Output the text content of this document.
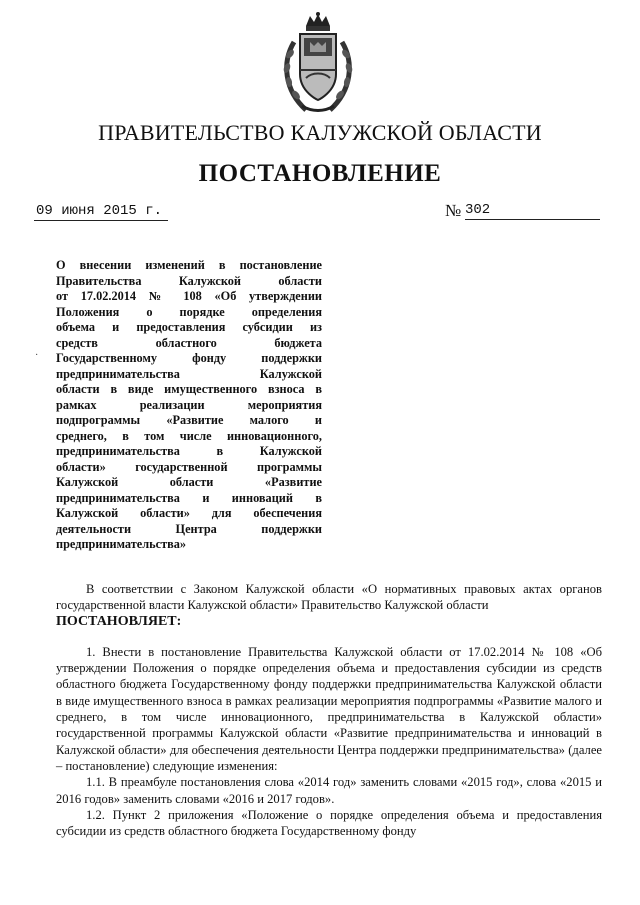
ПРАВИТЕЛЬСТВО КАЛУЖСКОЙ ОБЛАСТИ
ПОСТАНОВЛЕНИЕ
09 июня 2015 г.	№ 302
·
О внесении изменений в постановление
Правительства Калужской области
от 17.02.2014 № 108 «Об утверждении
Положения о порядке определения
объема и предоставления субсидии из
средств областного бюджета
Государственному фонду поддержки
предпринимательства Калужской
области в виде имущественного взноса в
рамках реализации мероприятия
подпрограммы «Развитие малого и
среднего, в том числе инновационного,
предпринимательства в Калужской
области» государственной программы
Калужской области «Развитие
предпринимательства и инноваций в
Калужской области» для обеспечения
деятельности Центра поддержки
предпринимательства»

В соответствии с Законом Калужской области «О нормативных правовых актах органов государственной власти Калужской области» Правительство Калужской области

ПОСТАНОВЛЯЕТ:

1. Внести в постановление Правительства Калужской области от 17.02.2014 № 108 «Об утверждении Положения о порядке определения объема и предоставления субсидии из средств областного бюджета Государственному фонду поддержки предпринимательства Калужской области в виде имущественного взноса в рамках реализации мероприятия подпрограммы «Развитие малого и среднего, в том числе инновационного, предпринимательства в Калужской области» государственной программы Калужской области «Развитие предпринимательства и инноваций в Калужской области» для обеспечения деятельности Центра поддержки предпринимательства» (далее – постановление) следующие изменения:

1.1. В преамбуле постановления слова «2014 год» заменить словами «2015 год», слова «2015 и 2016 годов» заменить словами «2016 и 2017 годов».

1.2. Пункт 2 приложения «Положение о порядке определения объема и предоставления субсидии из средств областного бюджета Государственному фонду
